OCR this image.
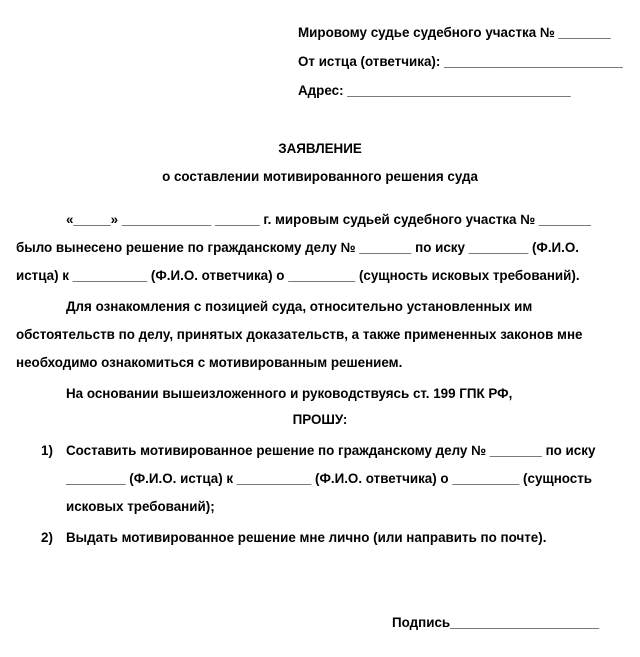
Мировому судье судебного участка № _______
От истца (ответчика): ________________________
Адрес: ______________________________
ЗАЯВЛЕНИЕ
о составлении мотивированного решения суда
«_____» ____________ ______ г. мировым судьей судебного участка № _______
было вынесено решение по гражданскому делу № _______ по иску ________ (Ф.И.О.
истца) к __________ (Ф.И.О. ответчика) о _________ (сущность исковых требований).
Для ознакомления с позицией суда, относительно установленных им
обстоятельств по делу, принятых доказательств, а также примененных законов мне
необходимо ознакомиться с мотивированным решением.
На основании вышеизложенного и руководствуясь ст. 199 ГПК РФ,
ПРОШУ:
1) Составить мотивированное решение по гражданскому делу № _______ по иску
________ (Ф.И.О. истца) к __________ (Ф.И.О. ответчика) о _________ (сущность
исковых требований);
2) Выдать мотивированное решение мне лично (или направить по почте).
Подпись____________________
